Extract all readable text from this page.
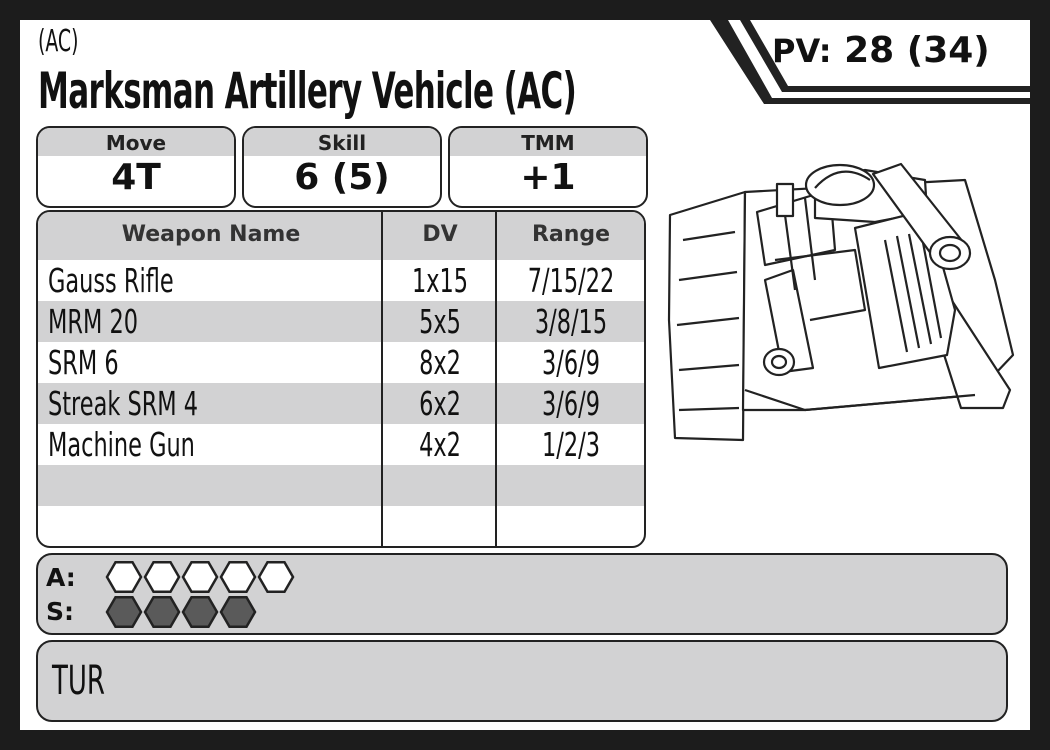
(AC)
Marksman Artillery Vehicle (AC)
PV: 28 (34)
Move
4T
Skill
6 (5)
TMM
+1
Weapon Name	DV	Range
Gauss Rifle	1x15	7/15/22
MRM 20	5x5	3/8/15
SRM 6	8x2	3/6/9
Streak SRM 4	6x2	3/6/9
Machine Gun	4x2	1/2/3
A:
S:
TUR
